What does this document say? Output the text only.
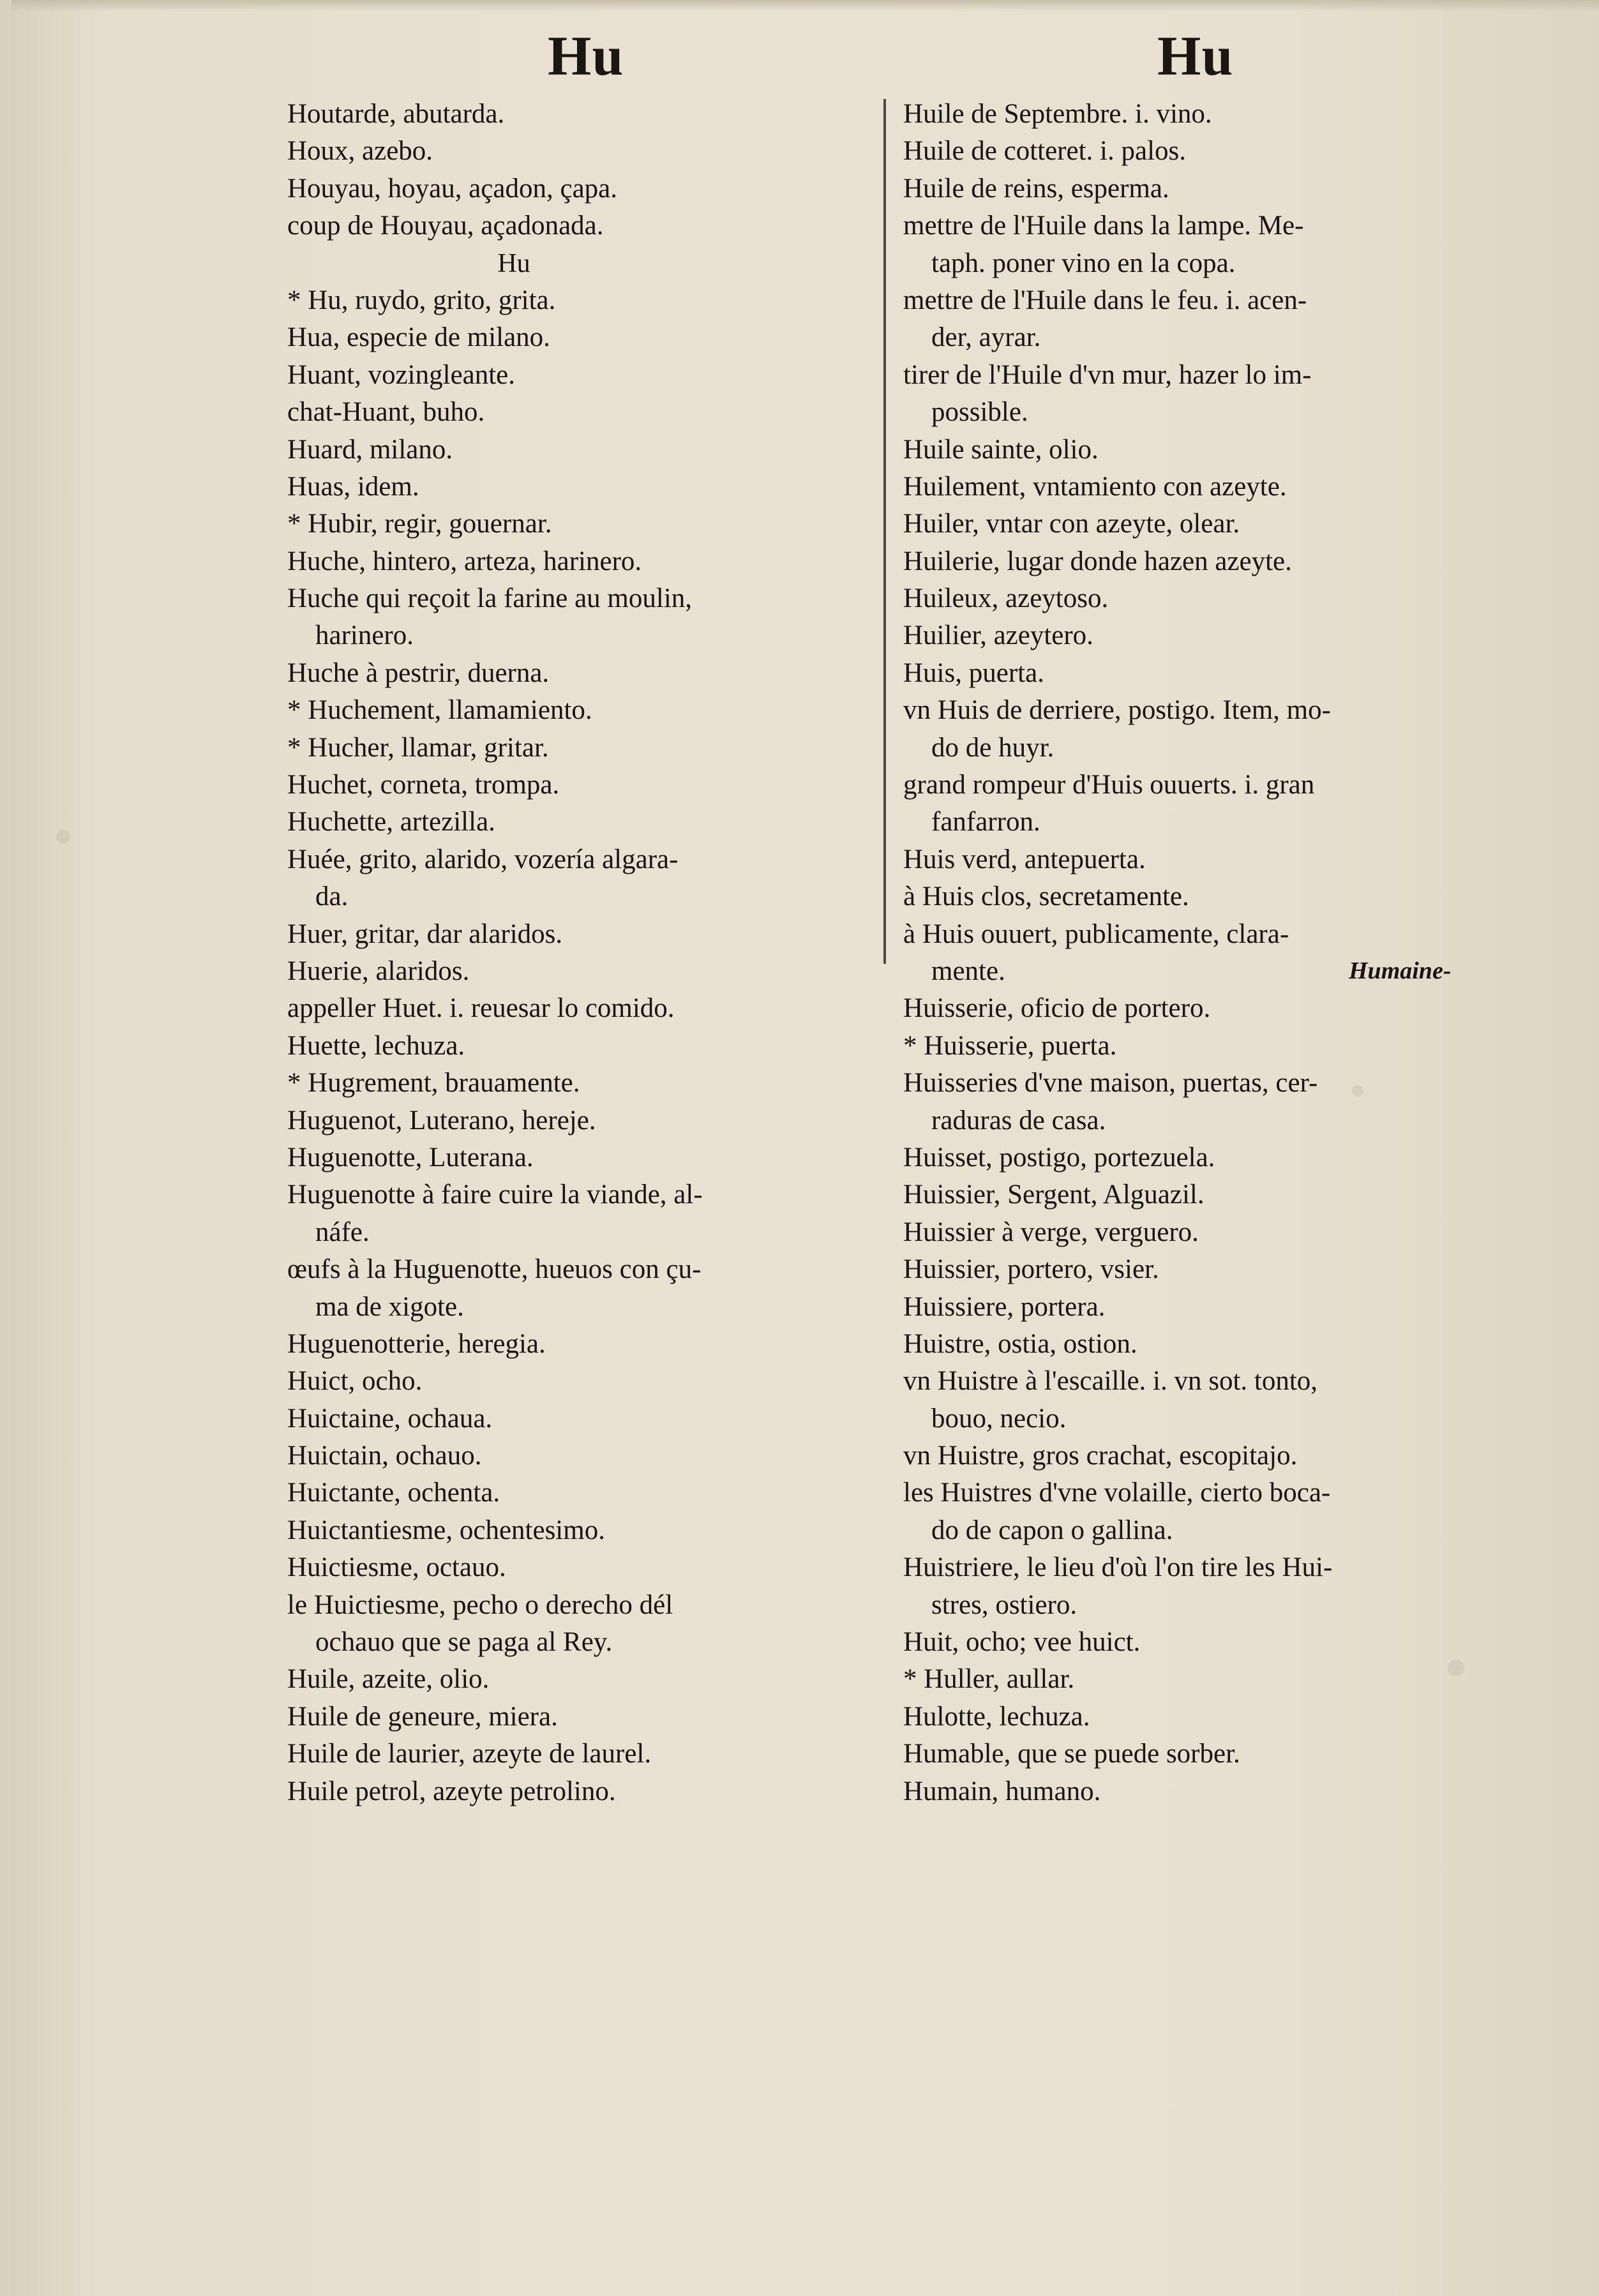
Hu	Hu
Houtarde, abutarda.
Houx, azebo.
Houyau, hoyau, açadon, çapa.
coup de Houyau, açadonada.
Hu
* Hu, ruydo, grito, grita.
Hua, especie de milano.
Huant, vozingleante.
chat-Huant, buho.
Huard, milano.
Huas, idem.
* Hubir, regir, gouernar.
Huche, hintero, arteza, harinero.
Huche qui reçoit la farine au moulin,
harinero.
Huche à pestrir, duerna.
* Huchement, llamamiento.
* Hucher, llamar, gritar.
Huchet, corneta, trompa.
Huchette, artezilla.
Huée, grito, alarido, vozería algara-
da.
Huer, gritar, dar alaridos.
Huerie, alaridos.
appeller Huet. i. reuesar lo comido.
Huette, lechuza.
* Hugrement, brauamente.
Huguenot, Luterano, hereje.
Huguenotte, Luterana.
Huguenotte à faire cuire la viande, al-
náfe.
œufs à la Huguenotte, hueuos con çu-
ma de xigote.
Huguenotterie, heregia.
Huict, ocho.
Huictaine, ochaua.
Huictain, ochauo.
Huictante, ochenta.
Huictantiesme, ochentesimo.
Huictiesme, octauo.
le Huictiesme, pecho o derecho dél
ochauo que se paga al Rey.
Huile, azeite, olio.
Huile de geneure, miera.
Huile de laurier, azeyte de laurel.
Huile petrol, azeyte petrolino.
Huile de Septembre. i. vino.
Huile de cotteret. i. palos.
Huile de reins, esperma.
mettre de l'Huile dans la lampe. Me-
taph. poner vino en la copa.
mettre de l'Huile dans le feu. i. acen-
der, ayrar.
tirer de l'Huile d'vn mur, hazer lo im-
possible.
Huile sainte, olio.
Huilement, vntamiento con azeyte.
Huiler, vntar con azeyte, olear.
Huilerie, lugar donde hazen azeyte.
Huileux, azeytoso.
Huilier, azeytero.
Huis, puerta.
vn Huis de derriere, postigo. Item, mo-
do de huyr.
grand rompeur d'Huis ouuerts. i. gran
fanfarron.
Huis verd, antepuerta.
à Huis clos, secretamente.
à Huis ouuert, publicamente, clara-
mente.
Huisserie, oficio de portero.
* Huisserie, puerta.
Huisseries d'vne maison, puertas, cer-
raduras de casa.
Huisset, postigo, portezuela.
Huissier, Sergent, Alguazil.
Huissier à verge, verguero.
Huissier, portero, vsier.
Huissiere, portera.
Huistre, ostia, ostion.
vn Huistre à l'escaille. i. vn sot. tonto,
bouo, necio.
vn Huistre, gros crachat, escopitajo.
les Huistres d'vne volaille, cierto boca-
do de capon o gallina.
Huistriere, le lieu d'où l'on tire les Hui-
stres, ostiero.
Huit, ocho; vee huict.
* Huller, aullar.
Hulotte, lechuza.
Humable, que se puede sorber.
Humain, humano.
Humaine-
